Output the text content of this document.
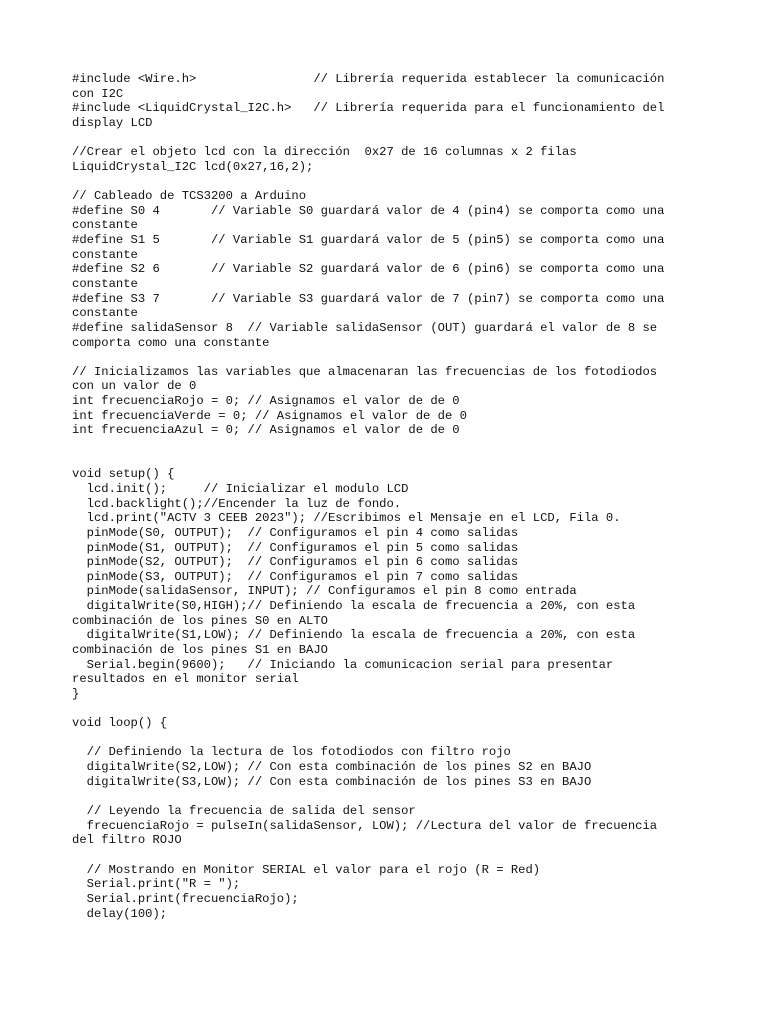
#include <Wire.h>                // Librería requerida establecer la comunicación
con I2C
#include <LiquidCrystal_I2C.h>   // Librería requerida para el funcionamiento del
display LCD
//Crear el objeto lcd con la dirección  0x27 de 16 columnas x 2 filas
LiquidCrystal_I2C lcd(0x27,16,2);
// Cableado de TCS3200 a Arduino
#define S0 4       // Variable S0 guardará valor de 4 (pin4) se comporta como una
constante
#define S1 5       // Variable S1 guardará valor de 5 (pin5) se comporta como una
constante
#define S2 6       // Variable S2 guardará valor de 6 (pin6) se comporta como una
constante
#define S3 7       // Variable S3 guardará valor de 7 (pin7) se comporta como una
constante
#define salidaSensor 8  // Variable salidaSensor (OUT) guardará el valor de 8 se
comporta como una constante
// Inicializamos las variables que almacenaran las frecuencias de los fotodiodos
con un valor de 0
int frecuenciaRojo = 0; // Asignamos el valor de de 0
int frecuenciaVerde = 0; // Asignamos el valor de de 0
int frecuenciaAzul = 0; // Asignamos el valor de de 0
void setup() {
lcd.init();     // Inicializar el modulo LCD
lcd.backlight();//Encender la luz de fondo.
lcd.print("ACTV 3 CEEB 2023"); //Escribimos el Mensaje en el LCD, Fila 0.
pinMode(S0, OUTPUT);  // Configuramos el pin 4 como salidas
pinMode(S1, OUTPUT);  // Configuramos el pin 5 como salidas
pinMode(S2, OUTPUT);  // Configuramos el pin 6 como salidas
pinMode(S3, OUTPUT);  // Configuramos el pin 7 como salidas
pinMode(salidaSensor, INPUT); // Configuramos el pin 8 como entrada
digitalWrite(S0,HIGH);// Definiendo la escala de frecuencia a 20%, con esta
combinación de los pines S0 en ALTO
digitalWrite(S1,LOW); // Definiendo la escala de frecuencia a 20%, con esta
combinación de los pines S1 en BAJO
Serial.begin(9600);   // Iniciando la comunicacion serial para presentar
resultados en el monitor serial
}
void loop() {
// Definiendo la lectura de los fotodiodos con filtro rojo
digitalWrite(S2,LOW); // Con esta combinación de los pines S2 en BAJO
digitalWrite(S3,LOW); // Con esta combinación de los pines S3 en BAJO
// Leyendo la frecuencia de salida del sensor
frecuenciaRojo = pulseIn(salidaSensor, LOW); //Lectura del valor de frecuencia
del filtro ROJO
// Mostrando en Monitor SERIAL el valor para el rojo (R = Red)
Serial.print("R = ");
Serial.print(frecuenciaRojo);
delay(100);
